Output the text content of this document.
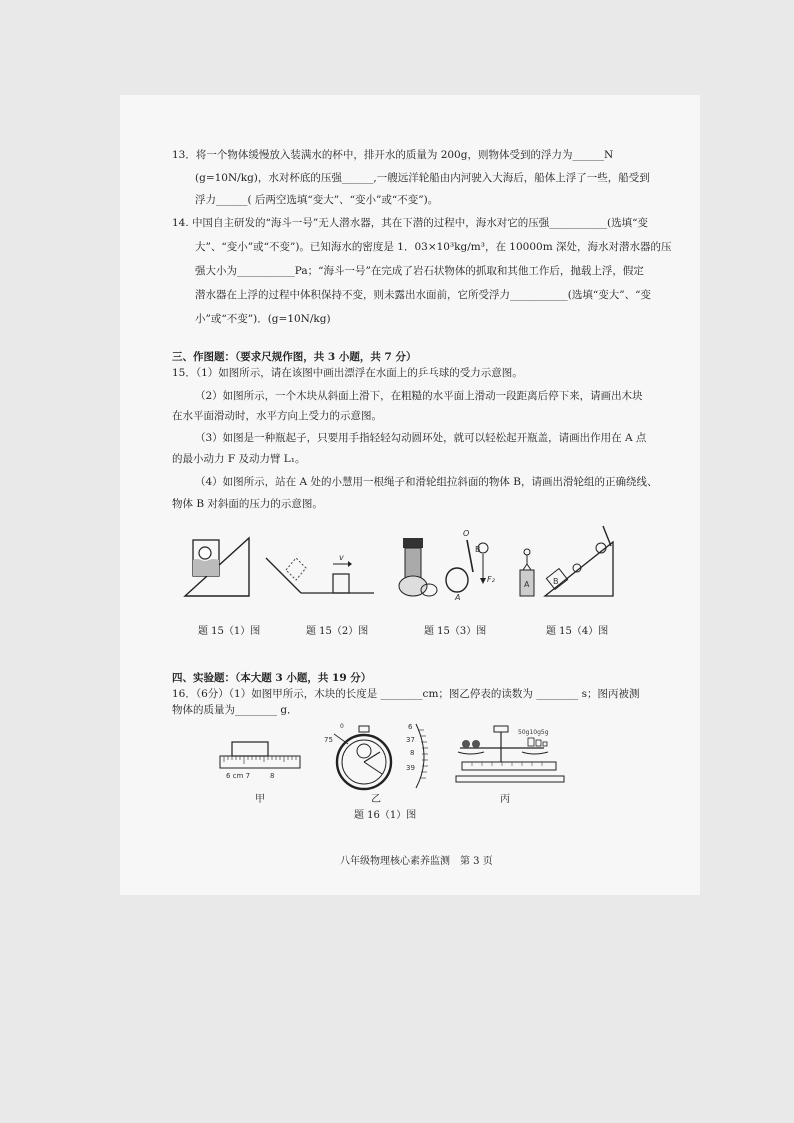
13．将一个物体缓慢放入装满水的杯中，排开水的质量为 200g，则物体受到的浮力为______N
(g=10N/kg)，水对杯底的压强______,一艘远洋轮船由内河驶入大海后，船体上浮了一些，船受到
浮力______( 后两空选填“变大”、“变小”或“不变”)。
14. 中国自主研发的“海斗一号”无人潜水器，其在下潜的过程中，海水对它的压强___________(选填“变
大”、“变小”或“不变”)。已知海水的密度是 1．03×10³kg/m³，在 10000m 深处，海水对潜水器的压
强大小为___________Pa；“海斗一号”在完成了岩石状物体的抓取和其他工作后，抛载上浮，假定
潜水器在上浮的过程中体积保持不变，则未露出水面前，它所受浮力___________(选填“变大”、“变
小”或“不变”)．(g=10N/kg)
三、作图题：（要求尺规作图，共 3 小题，共 7 分）
15．（1）如图所示，请在该图中画出漂浮在水面上的乒乓球的受力示意图。
（2）如图所示，一个木块从斜面上滑下，在粗糙的水平面上滑动一段距离后停下来，请画出木块
在水平面滑动时，水平方向上受力的示意图。
（3）如图是一种瓶起子，只要用手指轻轻勾动圆环处，就可以轻松起开瓶盖，请画出作用在 A 点
的最小动力 F 及动力臂 L₁。
（4）如图所示，站在 A 处的小慧用一根绳子和滑轮组拉斜面的物体 B，请画出滑轮组的正确绕线、
物体 B 对斜面的压力的示意图。
v
O
B
A
F₂
A	B
题 15（1）图	题 15（2）图	题 15（3）图	题 15（4）图
四、实验题：（本大题 3 小题，共 19 分）
16．（6分）（1）如图甲所示，木块的长度是 ________cm；图乙停表的读数为 ________ s；图丙被测
物体的质量为________ g．
6 cm 7	8
6
37
8
39
0
75
50g10g5g
甲	乙	丙
题 16（1）图
八年级物理核心素养监测　第 3 页
